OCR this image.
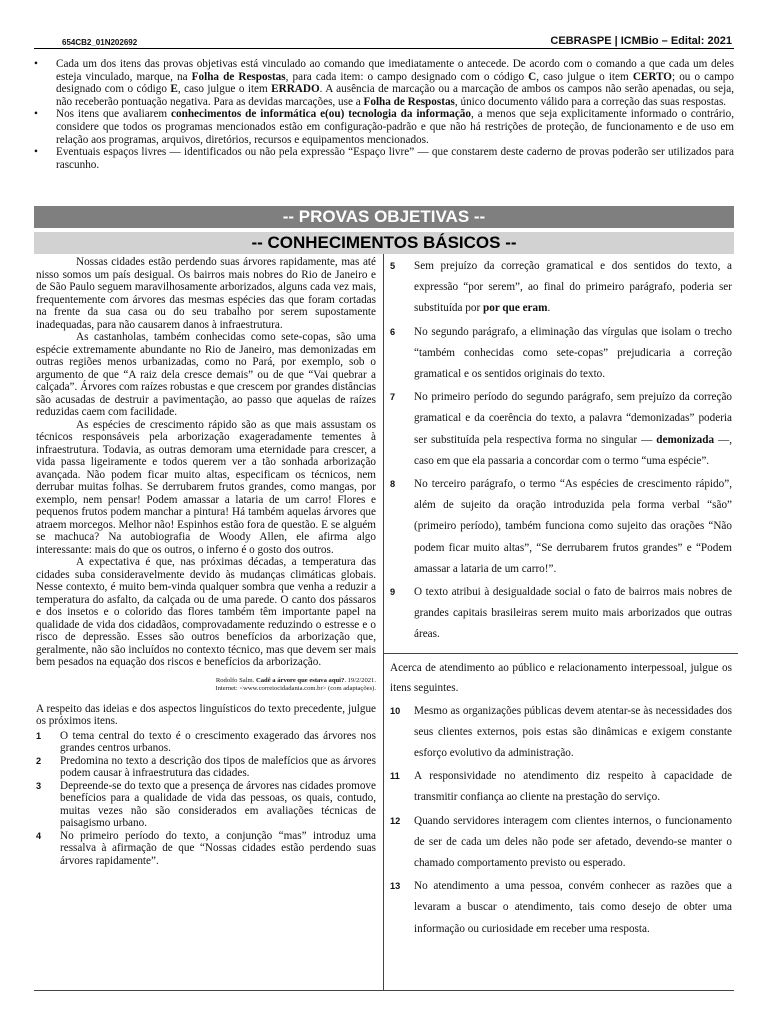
654CB2_01N202692	CEBRASPE | ICMBio – Edital: 2021

• Cada um dos itens das provas objetivas está vinculado ao comando que imediatamente o antecede. De acordo com o comando a que cada um deles esteja vinculado, marque, na Folha de Respostas, para cada item: o campo designado com o código C, caso julgue o item CERTO; ou o campo designado com o código E, caso julgue o item ERRADO. A ausência de marcação ou a marcação de ambos os campos não serão apenadas, ou seja, não receberão pontuação negativa. Para as devidas marcações, use a Folha de Respostas, único documento válido para a correção das suas respostas.

• Nos itens que avaliarem conhecimentos de informática e(ou) tecnologia da informação, a menos que seja explicitamente informado o contrário, considere que todos os programas mencionados estão em configuração-padrão e que não há restrições de proteção, de funcionamento e de uso em relação aos programas, arquivos, diretórios, recursos e equipamentos mencionados.

• Eventuais espaços livres — identificados ou não pela expressão “Espaço livre” — que constarem deste caderno de provas poderão ser utilizados para rascunho.

-- PROVAS OBJETIVAS --
-- CONHECIMENTOS BÁSICOS --

Nossas cidades estão perdendo suas árvores rapidamente, mas até nisso somos um país desigual. Os bairros mais nobres do Rio de Janeiro e de São Paulo seguem maravilhosamente arborizados, alguns cada vez mais, frequentemente com árvores das mesmas espécies das que foram cortadas na frente da sua casa ou do seu trabalho por serem supostamente inadequadas, para não causarem danos à infraestrutura.

As castanholas, também conhecidas como sete-copas, são uma espécie extremamente abundante no Rio de Janeiro, mas demonizadas em outras regiões menos urbanizadas, como no Pará, por exemplo, sob o argumento de que “A raiz dela cresce demais” ou de que “Vai quebrar a calçada”. Árvores com raízes robustas e que crescem por grandes distâncias são acusadas de destruir a pavimentação, ao passo que aquelas de raízes reduzidas caem com facilidade.

As espécies de crescimento rápido são as que mais assustam os técnicos responsáveis pela arborização exageradamente tementes à infraestrutura. Todavia, as outras demoram uma eternidade para crescer, a vida passa ligeiramente e todos querem ver a tão sonhada arborização avançada. Não podem ficar muito altas, especificam os técnicos, nem derrubar muitas folhas. Se derrubarem frutos grandes, como mangas, por exemplo, nem pensar! Podem amassar a lataria de um carro! Flores e pequenos frutos podem manchar a pintura! Há também aquelas árvores que atraem morcegos. Melhor não! Espinhos estão fora de questão. E se alguém se machuca? Na autobiografia de Woody Allen, ele afirma algo interessante: mais do que os outros, o inferno é o gosto dos outros.

A expectativa é que, nas próximas décadas, a temperatura das cidades suba consideravelmente devido às mudanças climáticas globais. Nesse contexto, é muito bem-vinda qualquer sombra que venha a reduzir a temperatura do asfalto, da calçada ou de uma parede. O canto dos pássaros e dos insetos e o colorido das flores também têm importante papel na qualidade de vida dos cidadãos, comprovadamente reduzindo o estresse e o risco de depressão. Esses são outros benefícios da arborização que, geralmente, não são incluídos no contexto técnico, mas que devem ser mais bem pesados na equação dos riscos e benefícios da arborização.

Rodolfo Salm. Cadê a árvore que estava aqui?. 19/2/2021.
Internet: <www.correiocidadania.com.br> (com adaptações).

A respeito das ideias e dos aspectos linguísticos do texto precedente, julgue os próximos itens.

1 O tema central do texto é o crescimento exagerado das árvores nos grandes centros urbanos.

2 Predomina no texto a descrição dos tipos de malefícios que as árvores podem causar à infraestrutura das cidades.

3 Depreende-se do texto que a presença de árvores nas cidades promove benefícios para a qualidade de vida das pessoas, os quais, contudo, muitas vezes não são considerados em avaliações técnicas de paisagismo urbano.

4 No primeiro período do texto, a conjunção “mas” introduz uma ressalva à afirmação de que “Nossas cidades estão perdendo suas árvores rapidamente”.

5 Sem prejuízo da correção gramatical e dos sentidos do texto, a expressão “por serem”, ao final do primeiro parágrafo, poderia ser substituída por por que eram.

6 No segundo parágrafo, a eliminação das vírgulas que isolam o trecho “também conhecidas como sete-copas” prejudicaria a correção gramatical e os sentidos originais do texto.

7 No primeiro período do segundo parágrafo, sem prejuízo da correção gramatical e da coerência do texto, a palavra “demonizadas” poderia ser substituída pela respectiva forma no singular — demonizada —, caso em que ela passaria a concordar com o termo “uma espécie”.

8 No terceiro parágrafo, o termo “As espécies de crescimento rápido”, além de sujeito da oração introduzida pela forma verbal “são” (primeiro período), também funciona como sujeito das orações “Não podem ficar muito altas”, “Se derrubarem frutos grandes” e “Podem amassar a lataria de um carro!”.

9 O texto atribui à desigualdade social o fato de bairros mais nobres de grandes capitais brasileiras serem muito mais arborizados que outras áreas.

Acerca de atendimento ao público e relacionamento interpessoal, julgue os itens seguintes.

10 Mesmo as organizações públicas devem atentar-se às necessidades dos seus clientes externos, pois estas são dinâmicas e exigem constante esforço evolutivo da administração.

11 A responsividade no atendimento diz respeito à capacidade de transmitir confiança ao cliente na prestação do serviço.

12 Quando servidores interagem com clientes internos, o funcionamento de ser de cada um deles não pode ser afetado, devendo-se manter o chamado comportamento previsto ou esperado.

13 No atendimento a uma pessoa, convém conhecer as razões que a levaram a buscar o atendimento, tais como desejo de obter uma informação ou curiosidade em receber uma resposta.
